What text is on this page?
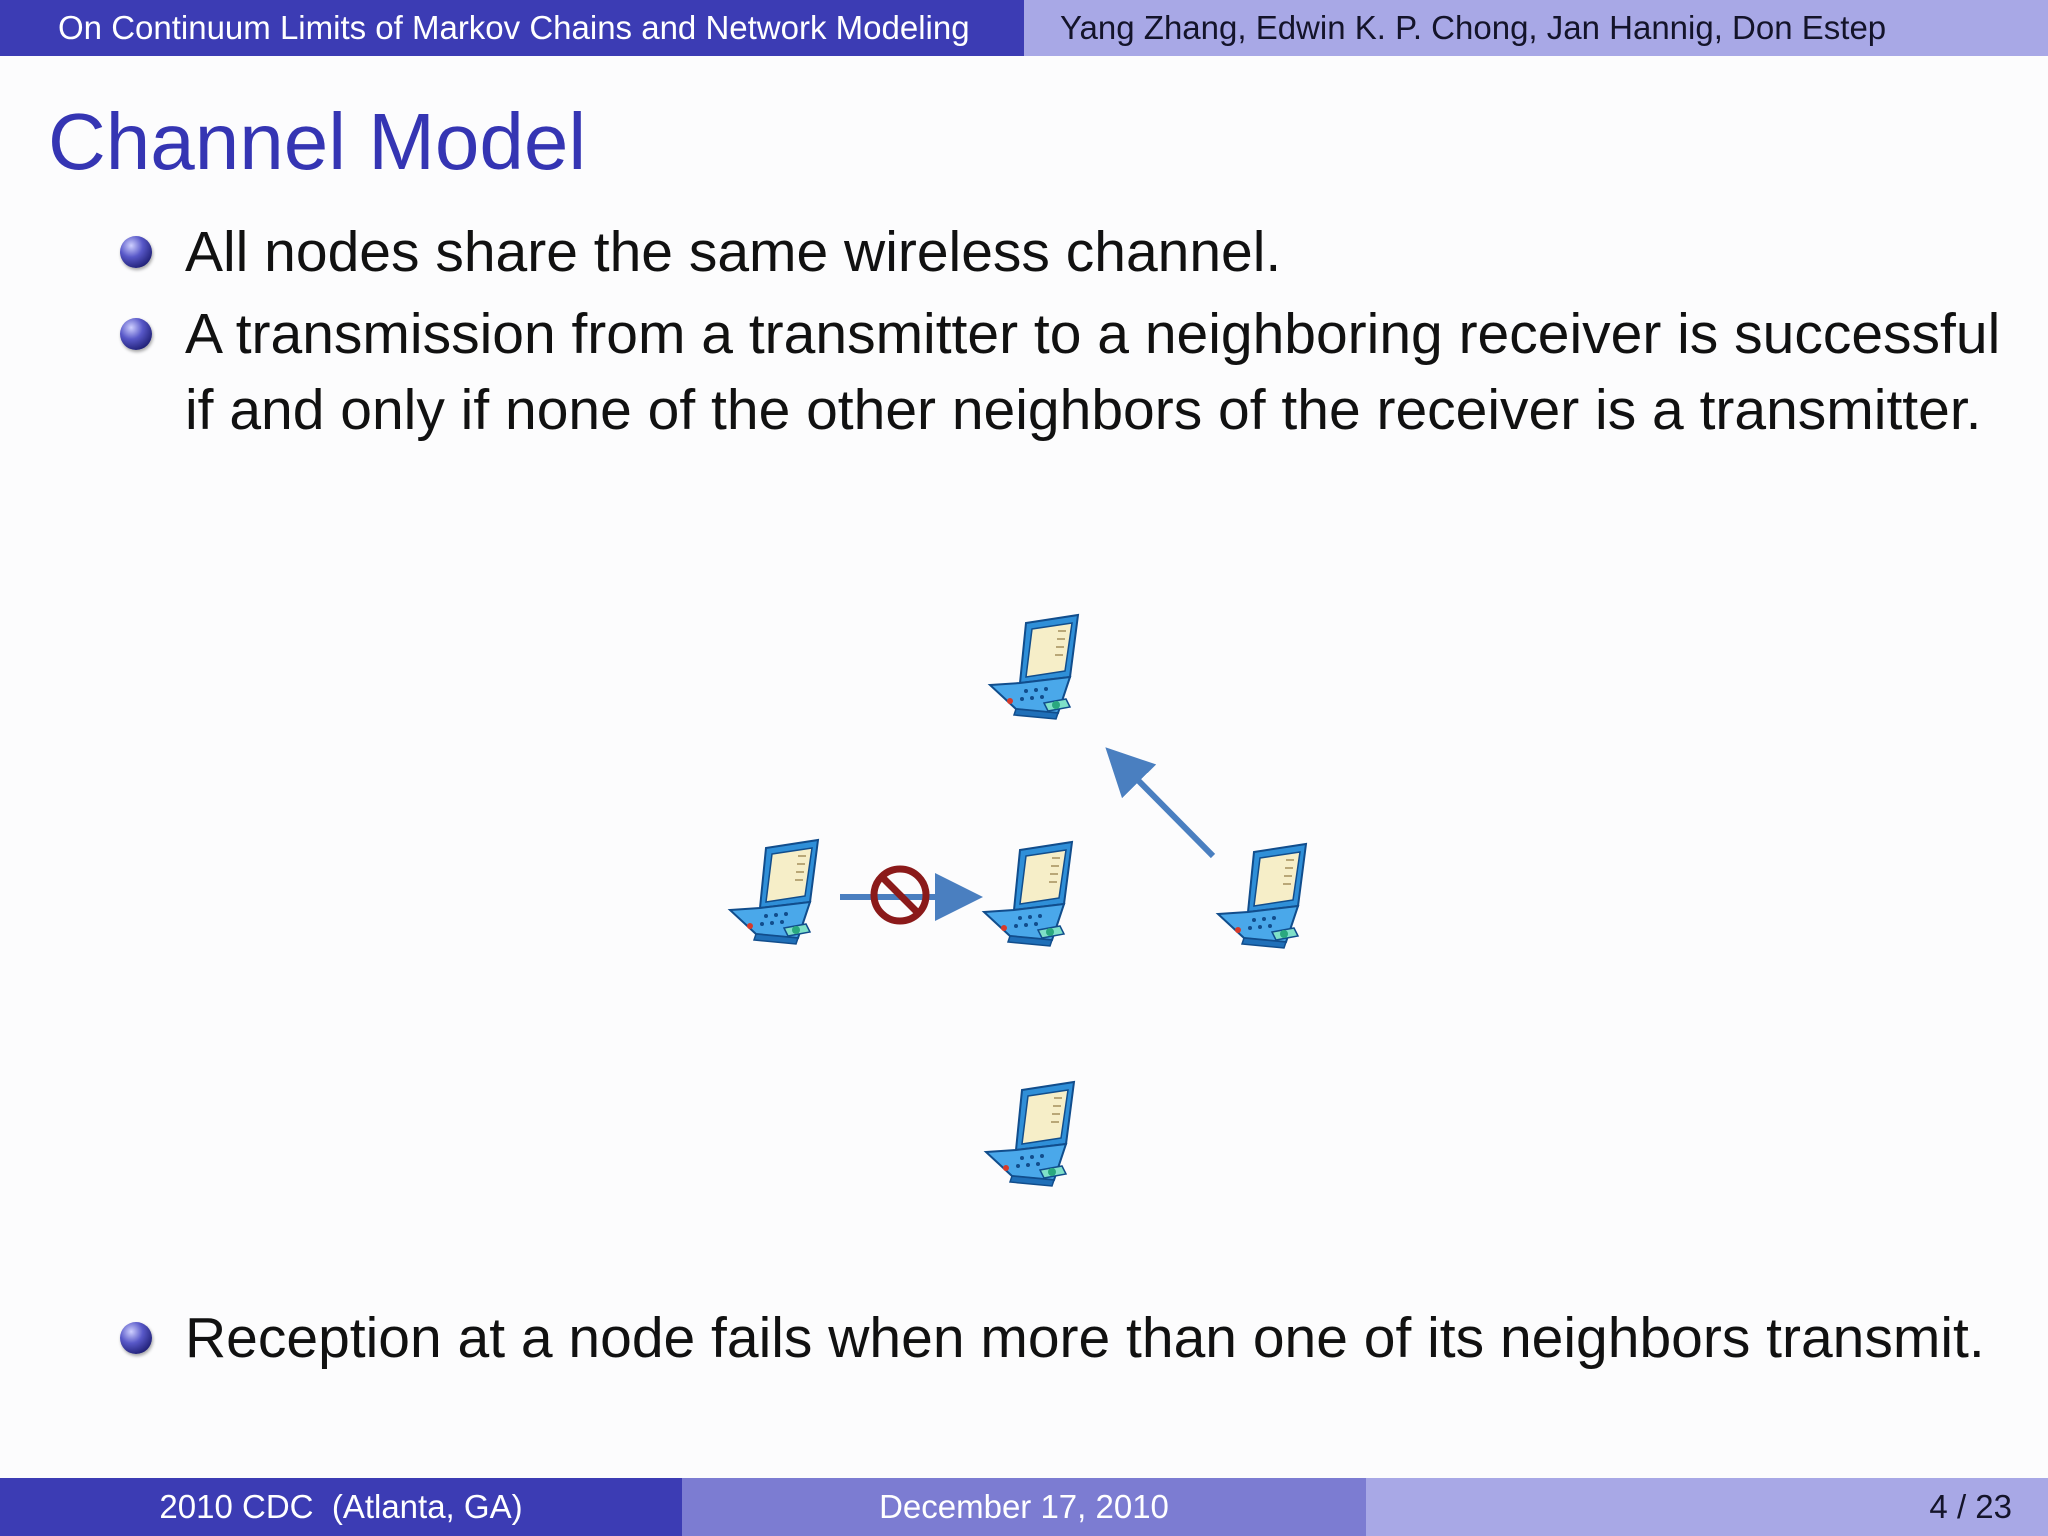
On Continuum Limits of Markov Chains and Network Modeling	Yang Zhang, Edwin K. P. Chong, Jan Hannig, Don Estep
Channel Model
All nodes share the same wireless channel.
A transmission from a transmitter to a neighboring receiver is successful if and only if none of the other neighbors of the receiver is a transmitter.
Reception at a node fails when more than one of its neighbors transmit.
2010 CDC  (Atlanta, GA)	December 17, 2010	4 / 23
